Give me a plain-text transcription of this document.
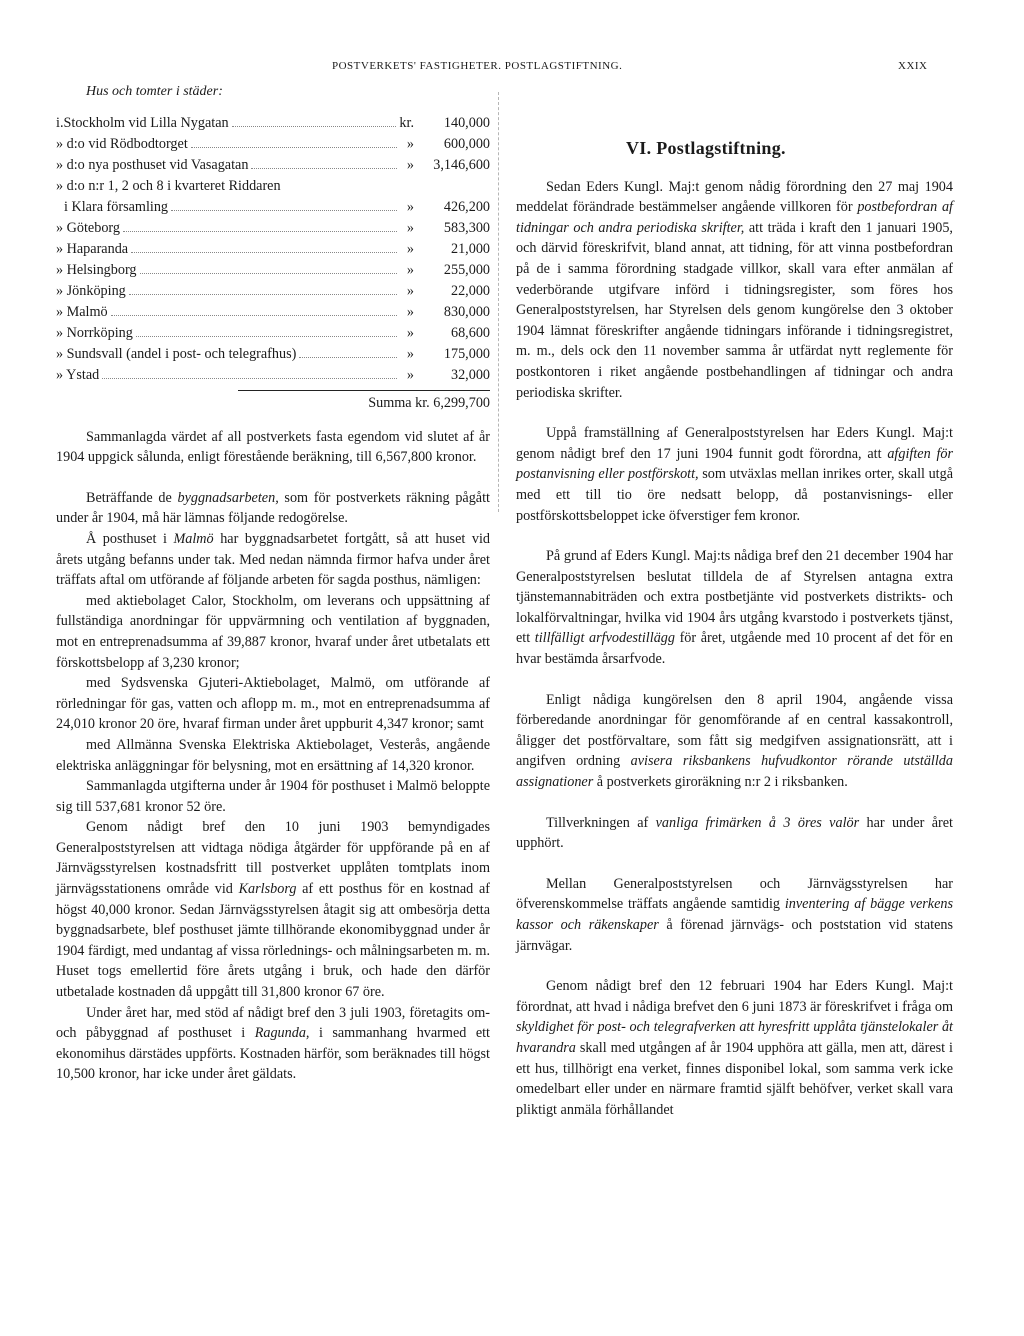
POSTVERKETS' FASTIGHETER. POSTLAGSTIFTNING.	XXIX
Hus och tomter i städer:
i.Stockholm vid Lilla Nygatan	kr.	140,000
» d:o vid Rödbodtorget	»	600,000
» d:o nya posthuset vid Vasagatan	»	3,146,600
» d:o n:r 1, 2 och 8 i kvarteret Riddaren
i Klara församling	»	426,200
» Göteborg	»	583,300
» Haparanda	»	21,000
» Helsingborg	»	255,000
» Jönköping	»	22,000
» Malmö	»	830,000
» Norrköping	»	68,600
» Sundsvall (andel i post- och telegrafhus)	»	175,000
» Ystad	»	32,000
Summa kr. 6,299,700

Sammanlagda värdet af all postverkets fasta egendom vid slutet af år 1904 uppgick sålunda, enligt förestående beräkning, till 6,567,800 kronor.

Beträffande de byggnadsarbeten, som för postverkets räkning pågått under år 1904, må här lämnas följande redogörelse.

Å posthuset i Malmö har byggnadsarbetet fortgått, så att huset vid årets utgång befanns under tak. Med nedan nämnda firmor hafva under året träffats aftal om utförande af följande arbeten för sagda posthus, nämligen:

med aktiebolaget Calor, Stockholm, om leverans och uppsättning af fullständiga anordningar för uppvärmning och ventilation af byggnaden, mot en entreprenadsumma af 39,887 kronor, hvaraf under året utbetalats ett förskottsbelopp af 3,230 kronor;

med Sydsvenska Gjuteri-Aktiebolaget, Malmö, om utförande af rörledningar för gas, vatten och aflopp m. m., mot en entreprenadsumma af 24,010 kronor 20 öre, hvaraf firman under året uppburit 4,347 kronor; samt

med Allmänna Svenska Elektriska Aktiebolaget, Vesterås, angående elektriska anläggningar för belysning, mot en ersättning af 14,320 kronor.

Sammanlagda utgifterna under år 1904 för posthuset i Malmö beloppte sig till 537,681 kronor 52 öre.

Genom nådigt bref den 10 juni 1903 bemyndigades Generalpoststyrelsen att vidtaga nödiga åtgärder för uppförande på en af Järnvägsstyrelsen kostnadsfritt till postverket upplåten tomtplats inom järnvägsstationens område vid Karlsborg af ett posthus för en kostnad af högst 40,000 kronor. Sedan Järnvägsstyrelsen åtagit sig att ombesörja detta byggnadsarbete, blef posthuset jämte tillhörande ekonomibyggnad under år 1904 färdigt, med undantag af vissa rörlednings- och målningsarbeten m. m. Huset togs emellertid före årets utgång i bruk, och hade den därför utbetalade kostnaden då uppgått till 31,800 kronor 67 öre.

Under året har, med stöd af nådigt bref den 3 juli 1903, företagits om- och påbyggnad af posthuset i Ragunda, i sammanhang hvarmed ett ekonomihus därstädes uppförts. Kostnaden härför, som beräknades till högst 10,500 kronor, har icke under året gäldats.

VI. Postlagstiftning.

Sedan Eders Kungl. Maj:t genom nådig förordning den 27 maj 1904 meddelat förändrade bestämmelser angående villkoren för postbefordran af tidningar och andra periodiska skrifter, att träda i kraft den 1 januari 1905, och därvid föreskrifvit, bland annat, att tidning, för att vinna postbefordran på de i samma förordning stadgade villkor, skall vara efter anmälan af vederbörande utgifvare införd i tidningsregister, som föres hos Generalpoststyrelsen, har Styrelsen dels genom kungörelse den 3 oktober 1904 lämnat föreskrifter angående tidningars införande i tidningsregistret, m. m., dels ock den 11 november samma år utfärdat nytt reglemente för postkontoren i riket angående postbehandlingen af tidningar och andra periodiska skrifter.

Uppå framställning af Generalpoststyrelsen har Eders Kungl. Maj:t genom nådigt bref den 17 juni 1904 funnit godt förordna, att afgiften för postanvisning eller postförskott, som utväxlas mellan inrikes orter, skall utgå med ett till tio öre nedsatt belopp, då postanvisnings- eller postförskottsbeloppet icke öfverstiger fem kronor.

På grund af Eders Kungl. Maj:ts nådiga bref den 21 december 1904 har Generalpoststyrelsen beslutat tilldela de af Styrelsen antagna extra tjänstemannabiträden och extra postbetjänte vid postverkets distrikts- och lokalförvaltningar, hvilka vid 1904 års utgång kvarstodo i postverkets tjänst, ett tillfälligt arfvodestillägg för året, utgående med 10 procent af det för en hvar bestämda årsarfvode.

Enligt nådiga kungörelsen den 8 april 1904, angående vissa förberedande anordningar för genomförande af en central kassakontroll, åligger det postförvaltare, som fått sig medgifven assignationsrätt, att i angifven ordning avisera riksbankens hufvudkontor rörande utställda assignationer å postverkets giroräkning n:r 2 i riksbanken.

Tillverkningen af vanliga frimärken å 3 öres valör har under året upphört.

Mellan Generalpoststyrelsen och Järnvägsstyrelsen har öfverenskommelse träffats angående samtidig inventering af bägge verkens kassor och räkenskaper å förenad järnvägs- och poststation vid statens järnvägar.

Genom nådigt bref den 12 februari 1904 har Eders Kungl. Maj:t förordnat, att hvad i nådiga brefvet den 6 juni 1873 är föreskrifvet i fråga om skyldighet för post- och telegrafverken att hyresfritt upplåta tjänstelokaler åt hvarandra skall med utgången af år 1904 upphöra att gälla, men att, därest i ett hus, tillhörigt ena verket, finnes disponibel lokal, som samma verk icke omedelbart eller under en närmare framtid själft behöfver, verket skall vara pliktigt anmäla förhållandet
